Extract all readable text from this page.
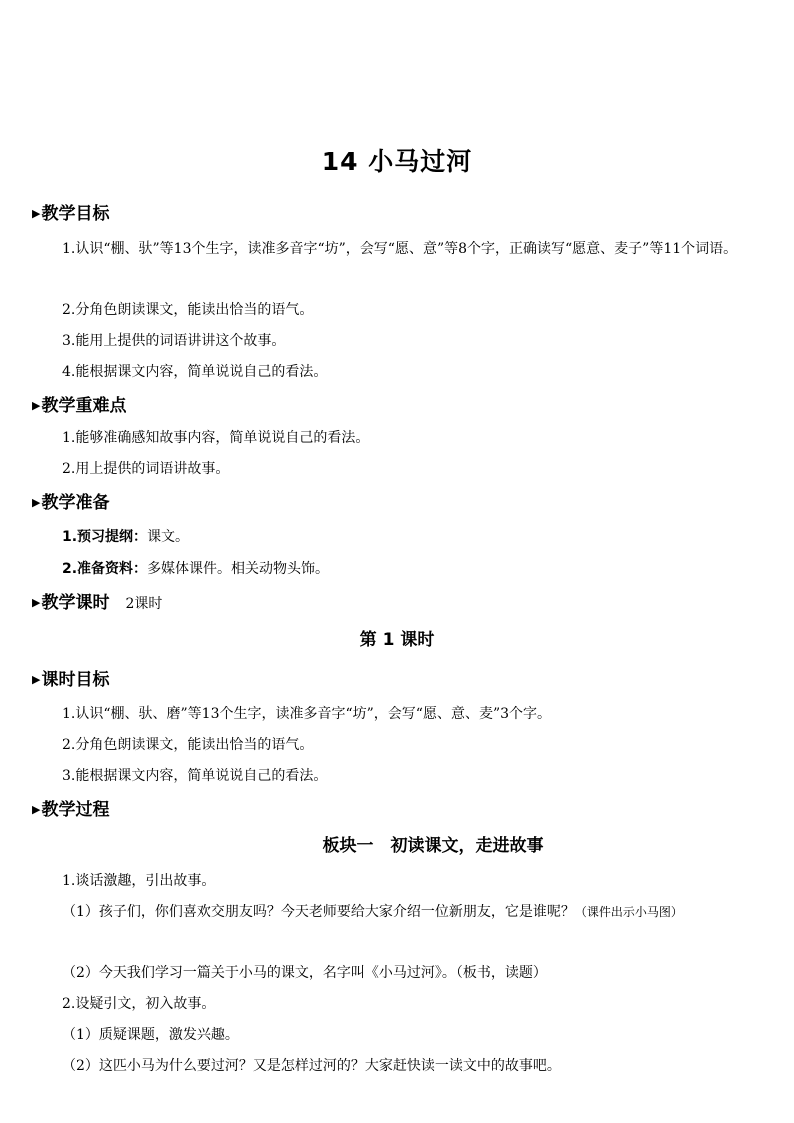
14 小马过河
▶教学目标
1.认识“棚、驮”等13个生字，读准多音字“坊”，会写“愿、意”等8个字，正确读写“愿意、麦子”等11个词语。
2.分角色朗读课文，能读出恰当的语气。
3.能用上提供的词语讲讲这个故事。
4.能根据课文内容，简单说说自己的看法。
▶教学重难点
1.能够准确感知故事内容，简单说说自己的看法。
2.用上提供的词语讲故事。
▶教学准备
1.预习提纲：课文。
2.准备资料：多媒体课件。相关动物头饰。
▶教学课时 2课时
第 1 课时
▶课时目标
1.认识“棚、驮、磨”等13个生字，读准多音字“坊”，会写“愿、意、麦”3个字。
2.分角色朗读课文，能读出恰当的语气。
3.能根据课文内容，简单说说自己的看法。
▶教学过程
板块一　初读课文，走进故事
1.谈话激趣，引出故事。
（1）孩子们，你们喜欢交朋友吗？今天老师要给大家介绍一位新朋友，它是谁呢？（课件出示小马图）
（2）今天我们学习一篇关于小马的课文，名字叫《小马过河》。（板书，读题）
2.设疑引文，初入故事。
（1）质疑课题，激发兴趣。
（2）这匹小马为什么要过河？又是怎样过河的？大家赶快读一读文中的故事吧。
